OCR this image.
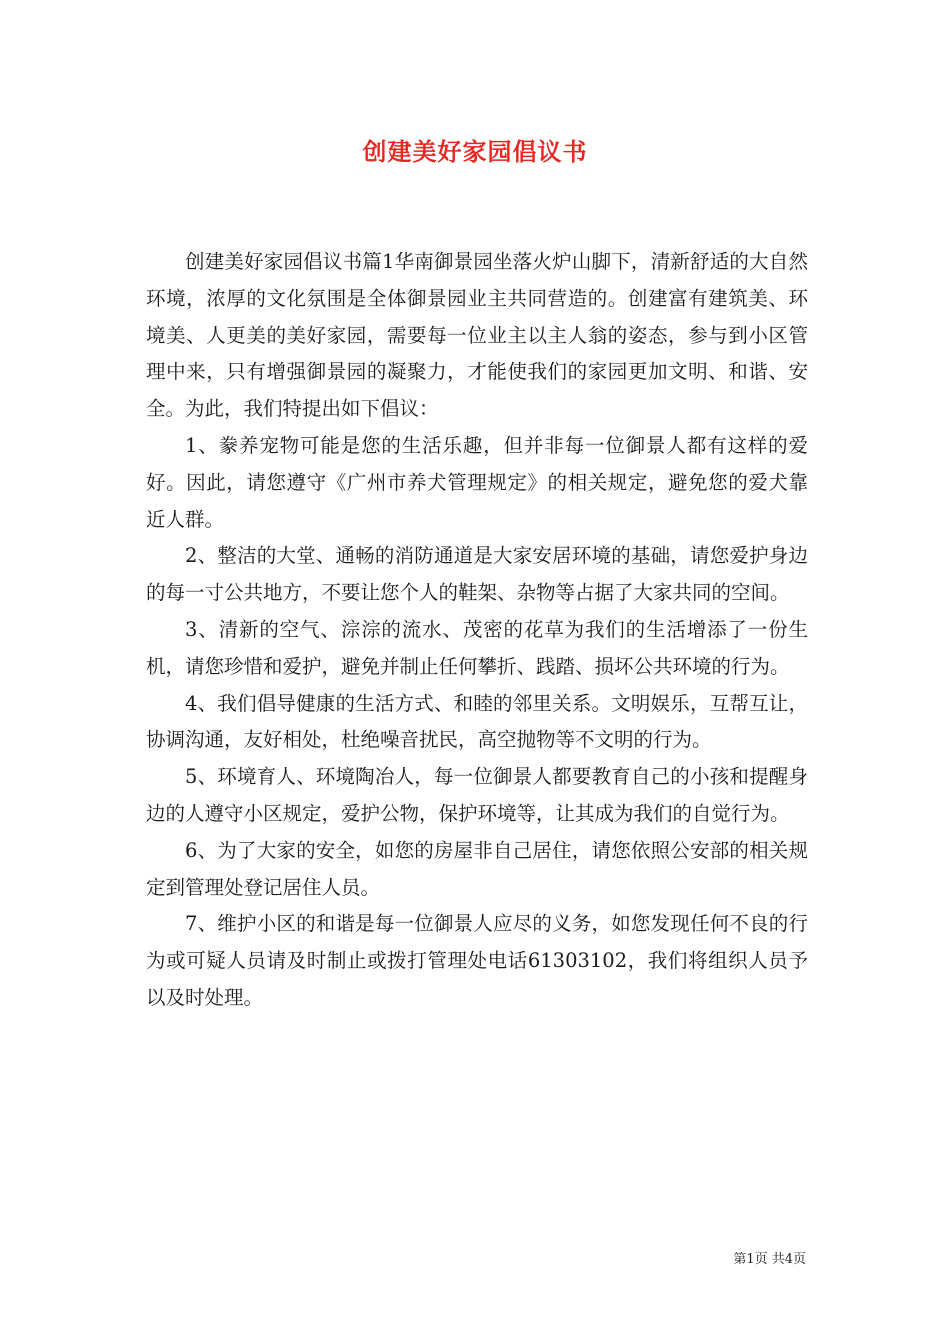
创建美好家园倡议书

创建美好家园倡议书篇1华南御景园坐落火炉山脚下，清新舒适的大自然环境，浓厚的文化氛围是全体御景园业主共同营造的。创建富有建筑美、环境美、人更美的美好家园，需要每一位业主以主人翁的姿态，参与到小区管理中来，只有增强御景园的凝聚力，才能使我们的家园更加文明、和谐、安全。为此，我们特提出如下倡议：

1、豢养宠物可能是您的生活乐趣，但并非每一位御景人都有这样的爱好。因此，请您遵守《广州市养犬管理规定》的相关规定，避免您的爱犬靠近人群。

2、整洁的大堂、通畅的消防通道是大家安居环境的基础，请您爱护身边的每一寸公共地方，不要让您个人的鞋架、杂物等占据了大家共同的空间。

3、清新的空气、淙淙的流水、茂密的花草为我们的生活增添了一份生机，请您珍惜和爱护，避免并制止任何攀折、践踏、损坏公共环境的行为。

4、我们倡导健康的生活方式、和睦的邻里关系。文明娱乐，互帮互让，协调沟通，友好相处，杜绝噪音扰民，高空抛物等不文明的行为。

5、环境育人、环境陶冶人，每一位御景人都要教育自己的小孩和提醒身边的人遵守小区规定，爱护公物，保护环境等，让其成为我们的自觉行为。

6、为了大家的安全，如您的房屋非自己居住，请您依照公安部的相关规定到管理处登记居住人员。

7、维护小区的和谐是每一位御景人应尽的义务，如您发现任何不良的行为或可疑人员请及时制止或拨打管理处电话61303102，我们将组织人员予以及时处理。

第1页 共4页
